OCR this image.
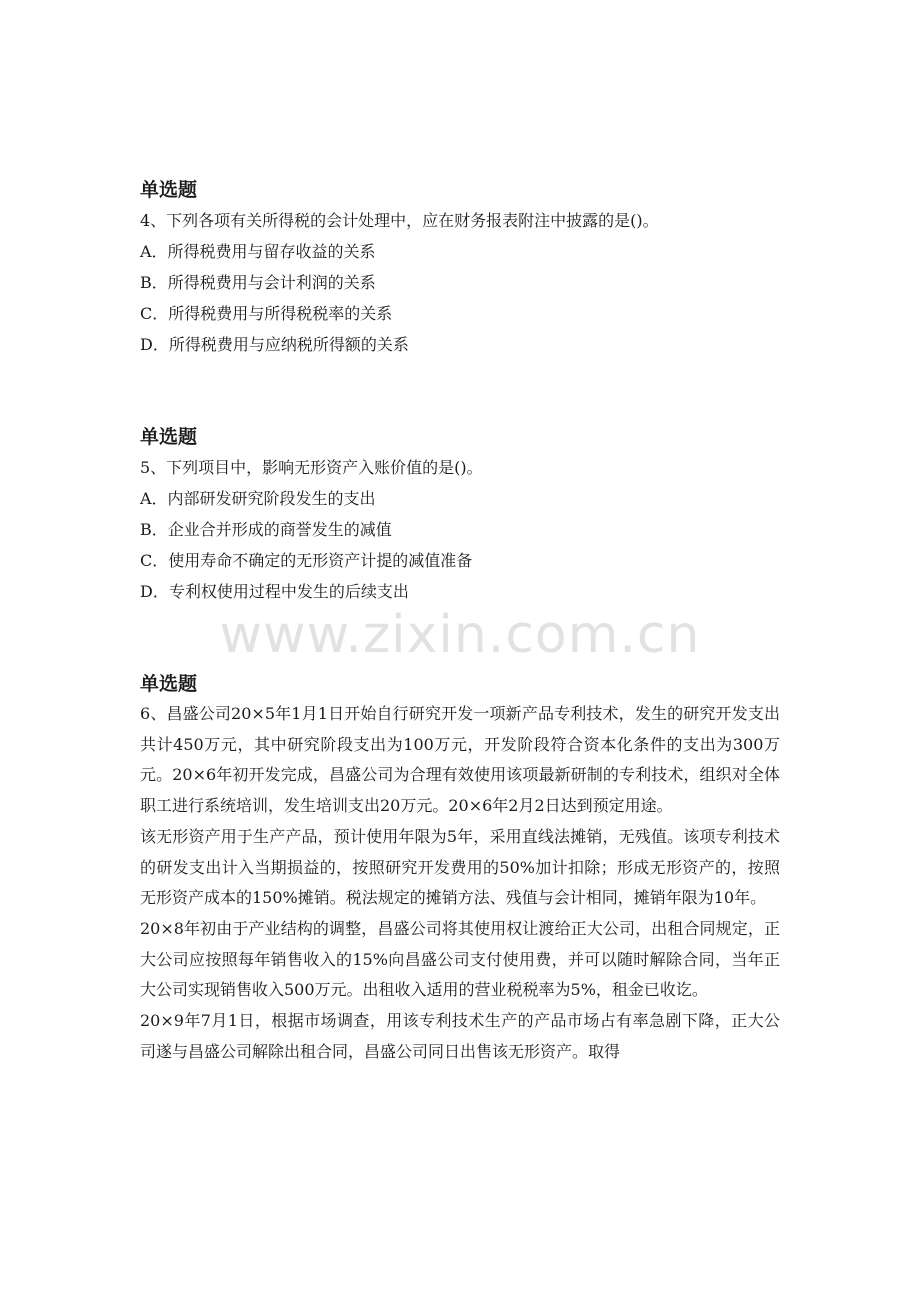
www.zixin.com.cn
单选题

4、下列各项有关所得税的会计处理中，应在财务报表附注中披露的是()。

A．所得税费用与留存收益的关系

B．所得税费用与会计利润的关系

C．所得税费用与所得税税率的关系

D．所得税费用与应纳税所得额的关系

单选题

5、下列项目中，影响无形资产入账价值的是()。

A．内部研发研究阶段发生的支出

B．企业合并形成的商誉发生的减值

C．使用寿命不确定的无形资产计提的减值准备

D．专利权使用过程中发生的后续支出

单选题

6、昌盛公司20×5年1月1日开始自行研究开发一项新产品专利技术，发生的研究开发支出共计450万元，其中研究阶段支出为100万元，开发阶段符合资本化条件的支出为300万元。20×6年初开发完成，昌盛公司为合理有效使用该项最新研制的专利技术，组织对全体职工进行系统培训，发生培训支出20万元。20×6年2月2日达到预定用途。

该无形资产用于生产产品，预计使用年限为5年，采用直线法摊销，无残值。该项专利技术的研发支出计入当期损益的，按照研究开发费用的50%加计扣除；形成无形资产的，按照无形资产成本的150%摊销。税法规定的摊销方法、残值与会计相同，摊销年限为10年。

20×8年初由于产业结构的调整，昌盛公司将其使用权让渡给正大公司，出租合同规定，正大公司应按照每年销售收入的15%向昌盛公司支付使用费，并可以随时解除合同，当年正大公司实现销售收入500万元。出租收入适用的营业税税率为5%，租金已收讫。

20×9年7月1日，根据市场调查，用该专利技术生产的产品市场占有率急剧下降，正大公司遂与昌盛公司解除出租合同，昌盛公司同日出售该无形资产。取得
